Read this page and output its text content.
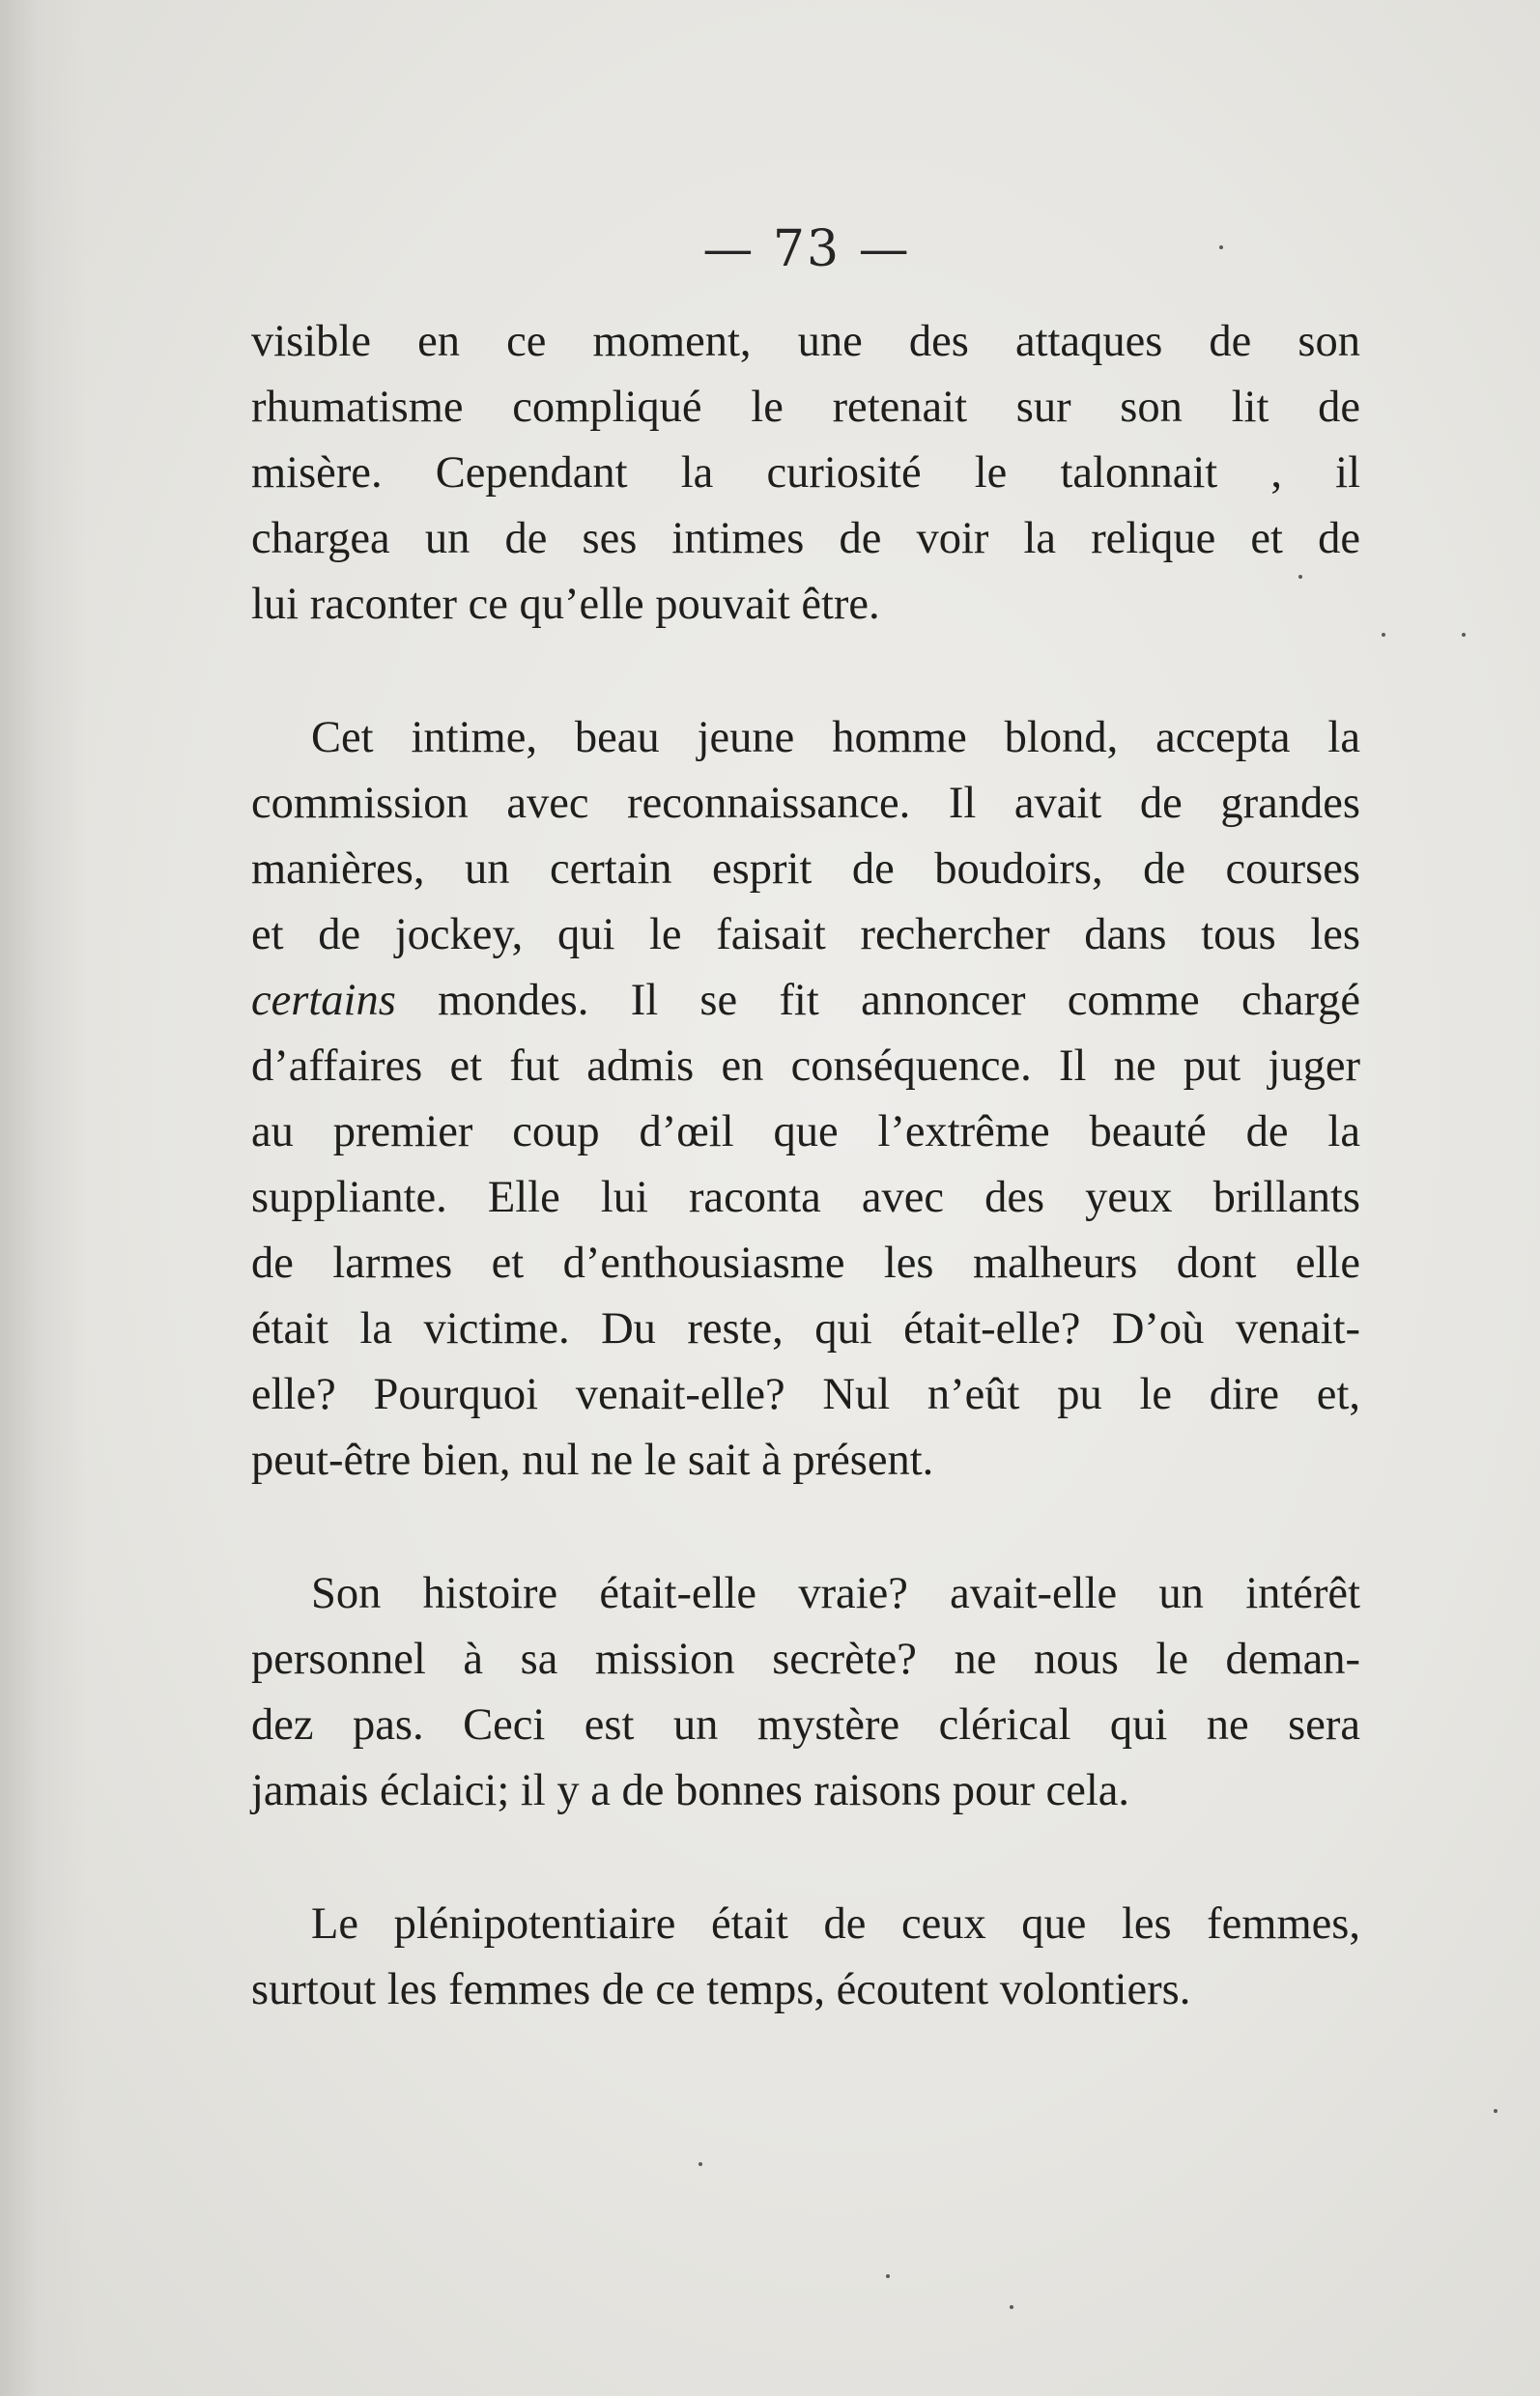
— 73 —
visible en ce moment, une des attaques de son
rhumatisme compliqué le retenait sur son lit de
misère. Cependant la curiosité le talonnait , il
chargea un de ses intimes de voir la relique et de
lui raconter ce qu’elle pouvait être.
Cet intime, beau jeune homme blond, accepta la
commission avec reconnaissance. Il avait de grandes
manières, un certain esprit de boudoirs, de courses
et de jockey, qui le faisait rechercher dans tous les
certains mondes. Il se fit annoncer comme chargé
d’affaires et fut admis en conséquence. Il ne put juger
au premier coup d’œil que l’extrême beauté de la
suppliante. Elle lui raconta avec des yeux brillants
de larmes et d’enthousiasme les malheurs dont elle
était la victime. Du reste, qui était-elle? D’où venait-
elle? Pourquoi venait-elle? Nul n’eût pu le dire et,
peut-être bien, nul ne le sait à présent.
Son histoire était-elle vraie? avait-elle un intérêt
personnel à sa mission secrète? ne nous le deman-
dez pas. Ceci est un mystère clérical qui ne sera
jamais éclaici; il y a de bonnes raisons pour cela.
Le plénipotentiaire était de ceux que les femmes,
surtout les femmes de ce temps, écoutent volontiers.
